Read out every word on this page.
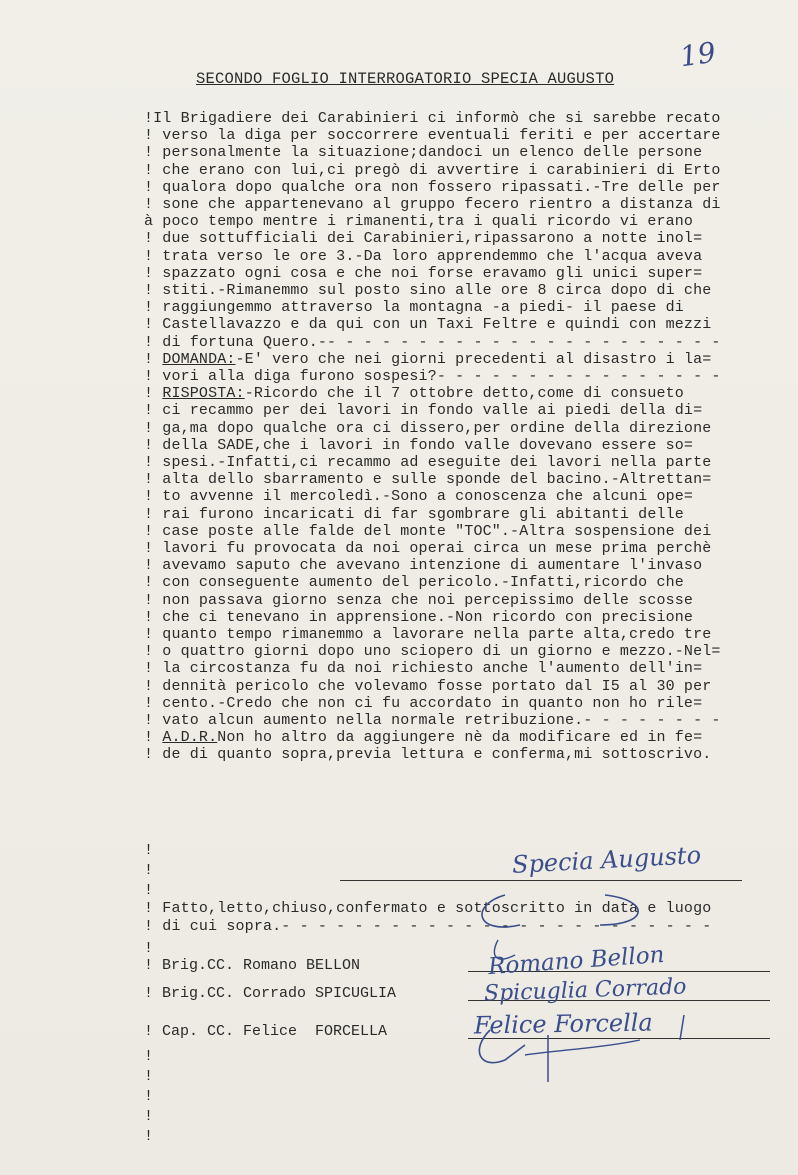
19
SECONDO FOGLIO INTERROGATORIO SPECIA AUGUSTO
!Il Brigadiere dei Carabinieri ci informò che si sarebbe recato
! verso la diga per soccorrere eventuali feriti e per accertare
! personalmente la situazione;dandoci un elenco delle persone
! che erano con lui,ci pregò di avvertire i carabinieri di Erto
! qualora dopo qualche ora non fossero ripassati.-Tre delle per
! sone che appartenevano al gruppo fecero rientro a distanza di
à poco tempo mentre i rimanenti,tra i quali ricordo vi erano
! due sottufficiali dei Carabinieri,ripassarono a notte inol=
! trata verso le ore 3.-Da loro apprendemmo che l'acqua aveva
! spazzato ogni cosa e che noi forse eravamo gli unici super=
! stiti.-Rimanemmo sul posto sino alle ore 8 circa dopo di che
! raggiungemmo attraverso la montagna -a piedi- il paese di
! Castellavazzo e da qui con un Taxi Feltre e quindi con mezzi
! di fortuna Quero.-- - - - - - - - - - - - - - - - - - - - - -
! DOMANDA:-E' vero che nei giorni precedenti al disastro i la=
! vori alla diga furono sospesi?- - - - - - - - - - - - - - - -
! RISPOSTA:-Ricordo che il 7 ottobre detto,come di consueto
! ci recammo per dei lavori in fondo valle ai piedi della di=
! ga,ma dopo qualche ora ci dissero,per ordine della direzione
! della SADE,che i lavori in fondo valle dovevano essere so=
! spesi.-Infatti,ci recammo ad eseguite dei lavori nella parte
! alta dello sbarramento e sulle sponde del bacino.-Altrettan=
! to avvenne il mercoledì.-Sono a conoscenza che alcuni ope=
! rai furono incaricati di far sgombrare gli abitanti delle
! case poste alle falde del monte "TOC".-Altra sospensione dei
! lavori fu provocata da noi operai circa un mese prima perchè
! avevamo saputo che avevano intenzione di aumentare l'invaso
! con conseguente aumento del pericolo.-Infatti,ricordo che
! non passava giorno senza che noi percepissimo delle scosse
! che ci tenevano in apprensione.-Non ricordo con precisione
! quanto tempo rimanemmo a lavorare nella parte alta,credo tre
! o quattro giorni dopo uno sciopero di un giorno e mezzo.-Nel=
! la circostanza fu da noi richiesto anche l'aumento dell'in=
! dennità pericolo che volevamo fosse portato dal I5 al 30 per
! cento.-Credo che non ci fu accordato in quanto non ho rile=
! vato alcun aumento nella normale retribuzione.- - - - - - - -
! A.D.R.Non ho altro da aggiungere nè da modificare ed in fe=
! de di quanto sopra,previa lettura e conferma,mi sottoscrivo.
!
!
!
!
!
!
!
!
!
Specia Augusto
! Fatto,letto,chiuso,confermato e sottoscritto in data e luogo
! di cui sopra.- - - - - - - - - - - - - - - - - - - - - - - -
! Brig.CC. Romano BELLON
! Brig.CC. Corrado SPICUGLIA
! Cap. CC. Felice  FORCELLA
Romano Bellon
Spicuglia Corrado
Felice Forcella
